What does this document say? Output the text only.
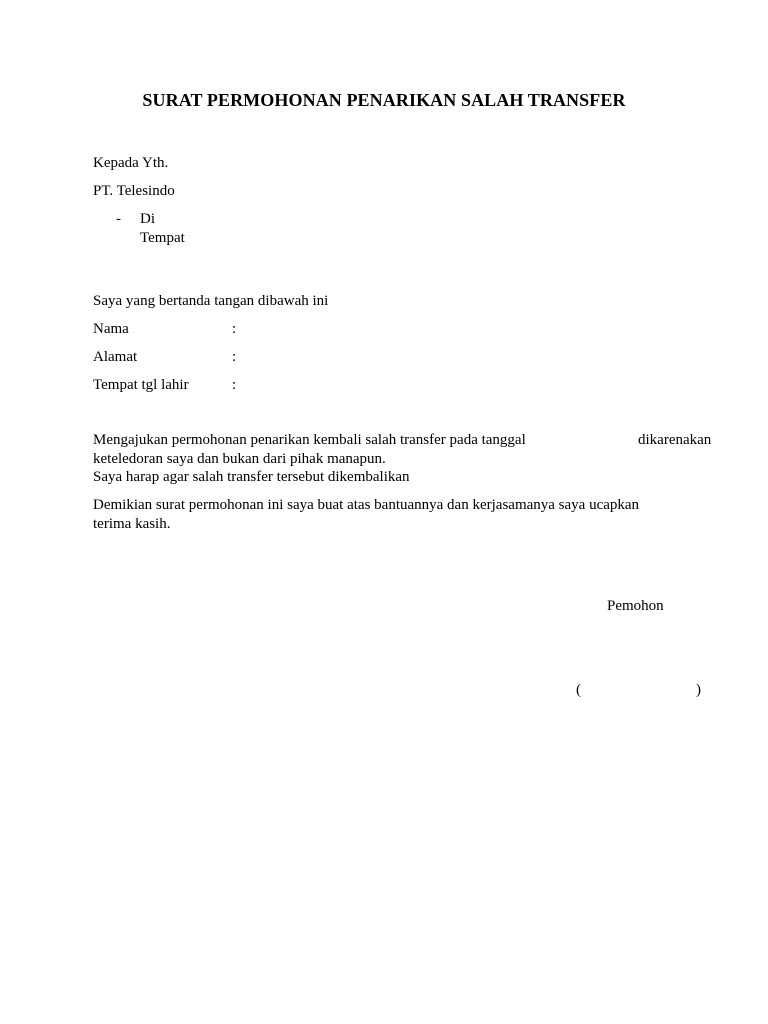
SURAT PERMOHONAN PENARIKAN SALAH TRANSFER
Kepada Yth.
PT. Telesindo
- Di
Tempat
Saya yang bertanda tangan dibawah ini
Nama	:
Alamat	:
Tempat tgl lahir	:
Mengajukan permohonan penarikan kembali salah transfer pada tanggal	dikarenakan
keteledoran saya dan bukan dari pihak manapun.
Saya harap agar salah transfer tersebut dikembalikan
Demikian surat permohonan ini saya buat atas bantuannya dan kerjasamanya saya ucapkan
terima kasih.
Pemohon
(	)
